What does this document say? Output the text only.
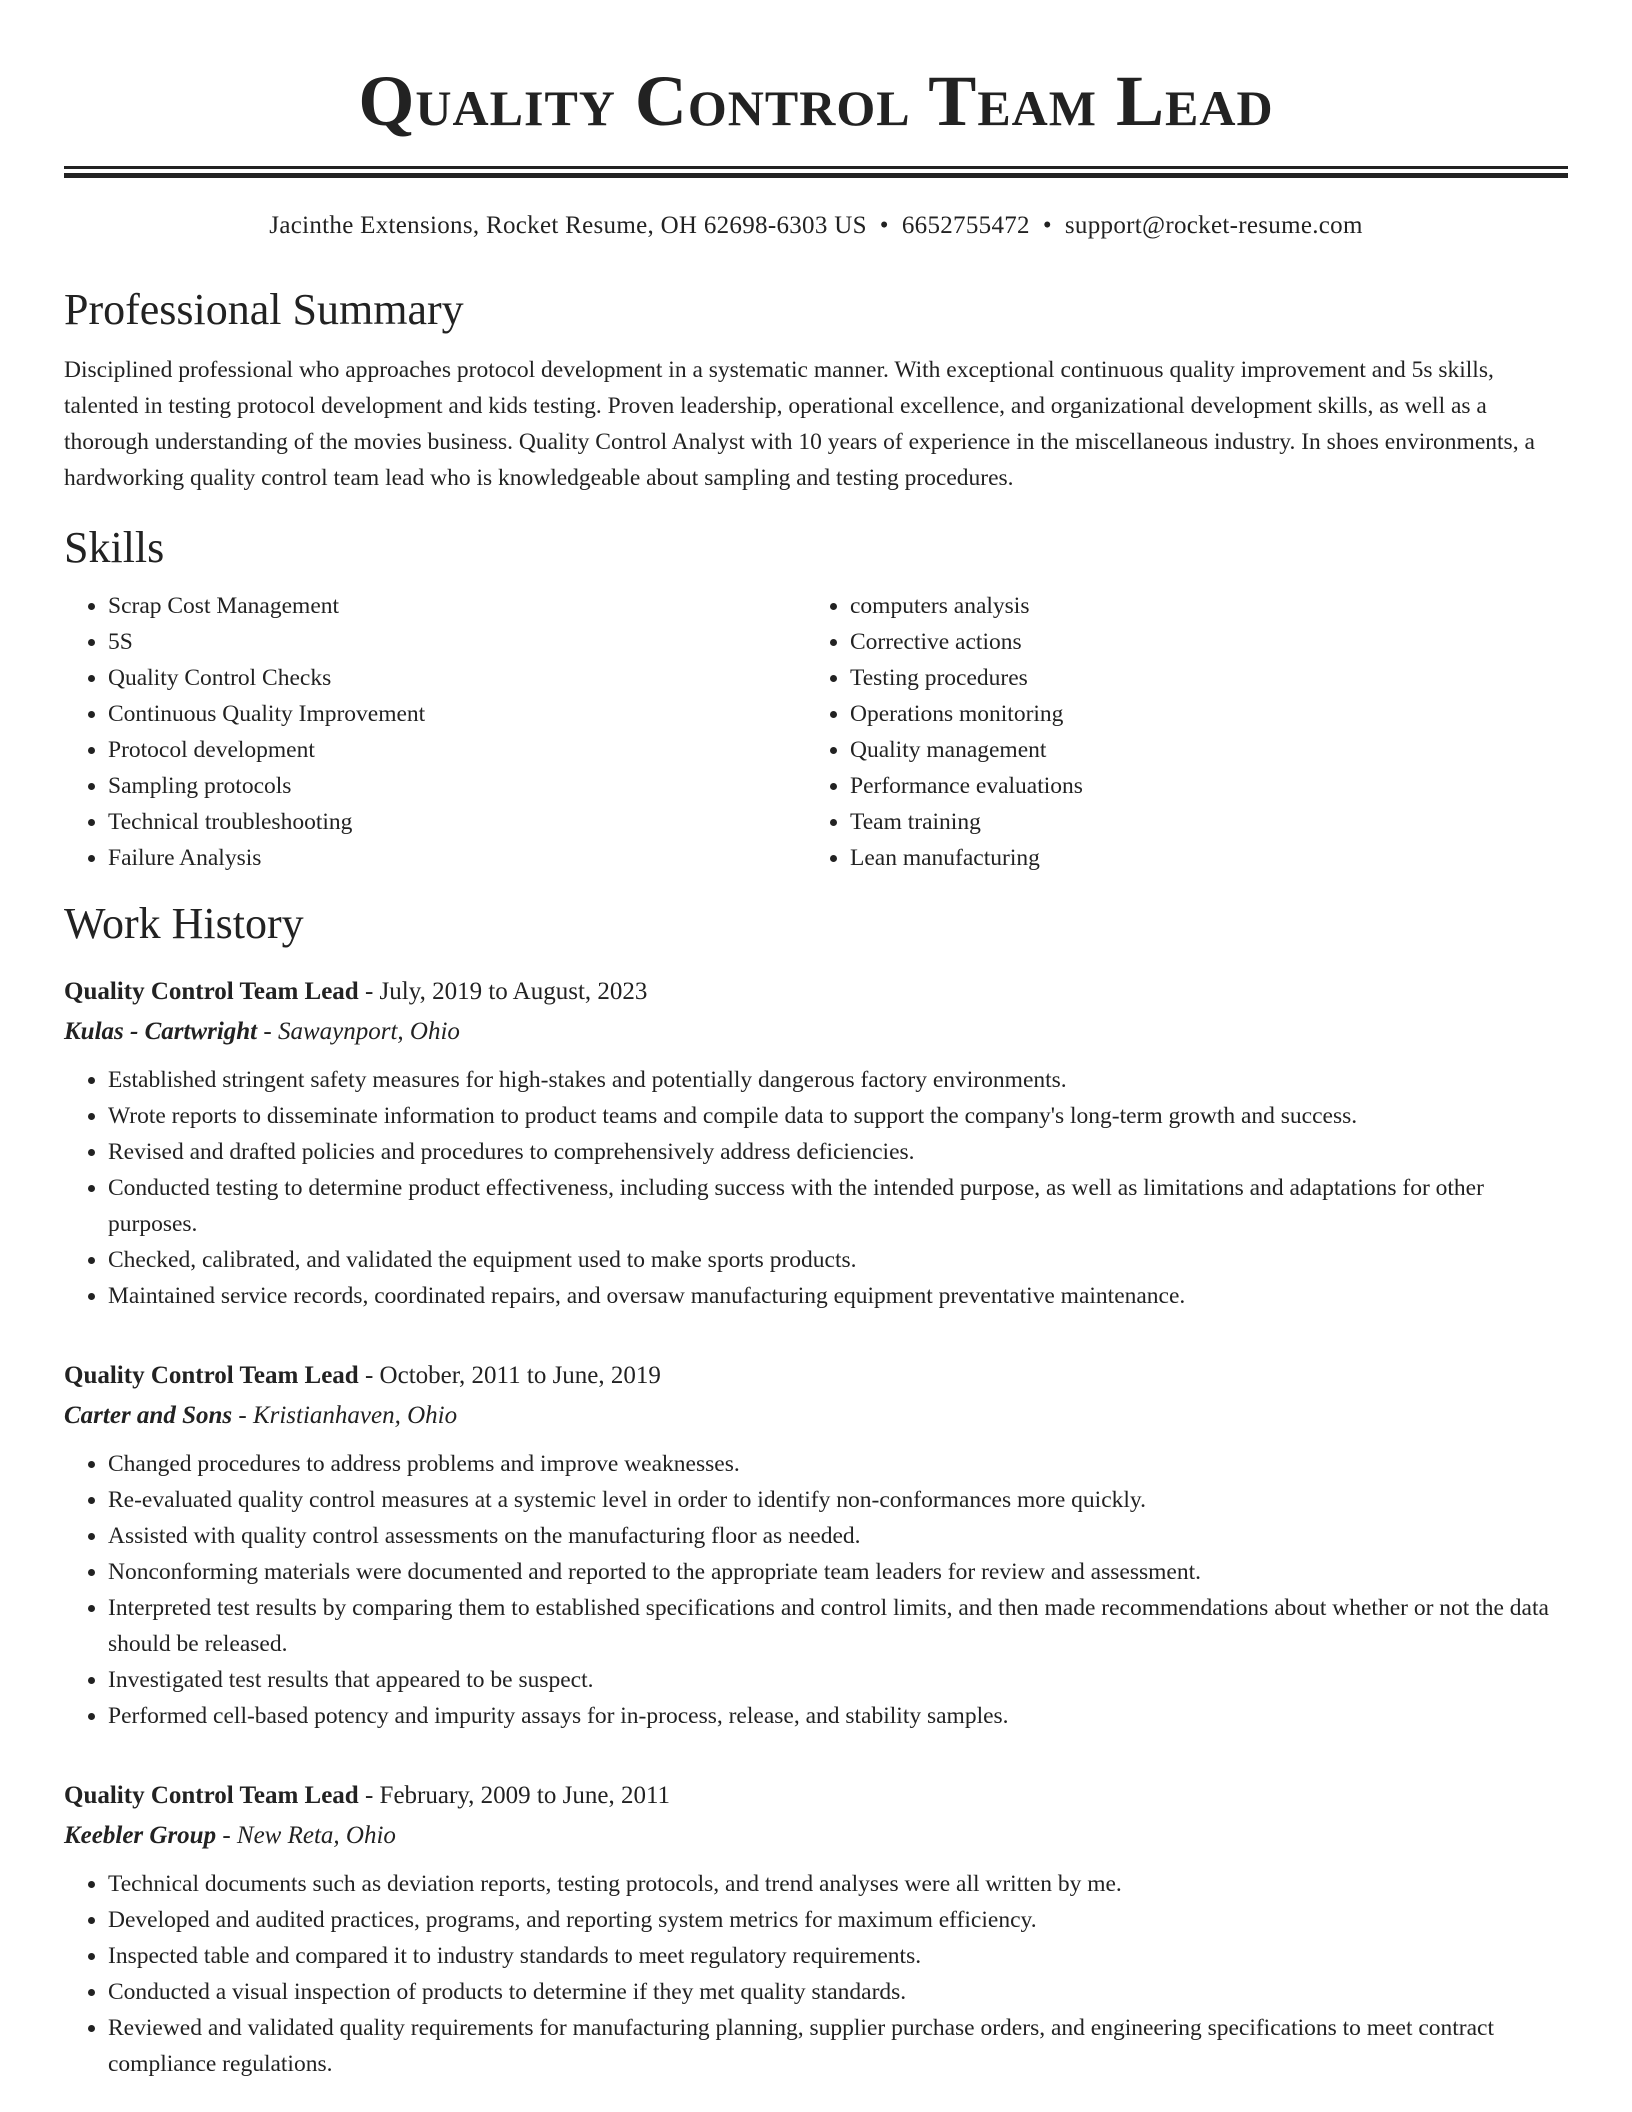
Quality Control Team Lead
Jacinthe Extensions, Rocket Resume, OH 62698-6303 US • 6652755472 • support@rocket-resume.com
Professional Summary

Disciplined professional who approaches protocol development in a systematic manner. With exceptional continuous quality improvement and 5s skills, talented in testing protocol development and kids testing. Proven leadership, operational excellence, and organizational development skills, as well as a thorough understanding of the movies business. Quality Control Analyst with 10 years of experience in the miscellaneous industry. In shoes environments, a hardworking quality control team lead who is knowledgeable about sampling and testing procedures.

Skills
• Scrap Cost Management
• 5S
• Quality Control Checks
• Continuous Quality Improvement
• Protocol development
• Sampling protocols
• Technical troubleshooting
• Failure Analysis
• computers analysis
• Corrective actions
• Testing procedures
• Operations monitoring
• Quality management
• Performance evaluations
• Team training
• Lean manufacturing
Work History
Quality Control Team Lead - July, 2019 to August, 2023
Kulas - Cartwright - Sawaynport, Ohio
• Established stringent safety measures for high-stakes and potentially dangerous factory environments.
• Wrote reports to disseminate information to product teams and compile data to support the company's long-term growth and success.
• Revised and drafted policies and procedures to comprehensively address deficiencies.
• Conducted testing to determine product effectiveness, including success with the intended purpose, as well as limitations and adaptations for other purposes.
• Checked, calibrated, and validated the equipment used to make sports products.
• Maintained service records, coordinated repairs, and oversaw manufacturing equipment preventative maintenance.
Quality Control Team Lead - October, 2011 to June, 2019
Carter and Sons - Kristianhaven, Ohio
• Changed procedures to address problems and improve weaknesses.
• Re-evaluated quality control measures at a systemic level in order to identify non-conformances more quickly.
• Assisted with quality control assessments on the manufacturing floor as needed.
• Nonconforming materials were documented and reported to the appropriate team leaders for review and assessment.
• Interpreted test results by comparing them to established specifications and control limits, and then made recommendations about whether or not the data should be released.
• Investigated test results that appeared to be suspect.
• Performed cell-based potency and impurity assays for in-process, release, and stability samples.
Quality Control Team Lead - February, 2009 to June, 2011
Keebler Group - New Reta, Ohio
• Technical documents such as deviation reports, testing protocols, and trend analyses were all written by me.
• Developed and audited practices, programs, and reporting system metrics for maximum efficiency.
• Inspected table and compared it to industry standards to meet regulatory requirements.
• Conducted a visual inspection of products to determine if they met quality standards.
• Reviewed and validated quality requirements for manufacturing planning, supplier purchase orders, and engineering specifications to meet contract compliance regulations.
